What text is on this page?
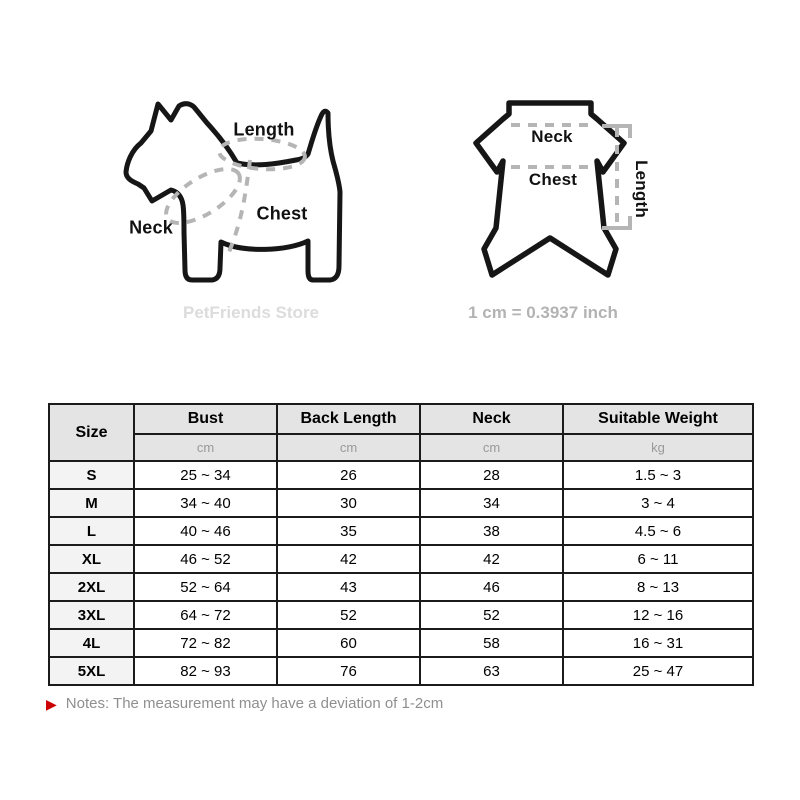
Length
Chest
Neck
Neck
Chest	Length
PetFriends Store	1 cm = 0.3937 inch
Size	Bust	Back Length	Neck	Suitable Weight
	cm	cm	cm	kg
S	25 ~ 34	26	28	1.5 ~ 3
M	34 ~ 40	30	34	3 ~ 4
L	40 ~ 46	35	38	4.5 ~ 6
XL	46 ~ 52	42	42	6 ~ 11
2XL	52 ~ 64	43	46	8 ~ 13
3XL	64 ~ 72	52	52	12 ~ 16
4L	72 ~ 82	60	58	16 ~ 31
5XL	82 ~ 93	76	63	25 ~ 47
▶ Notes: The measurement may have a deviation of 1-2cm
